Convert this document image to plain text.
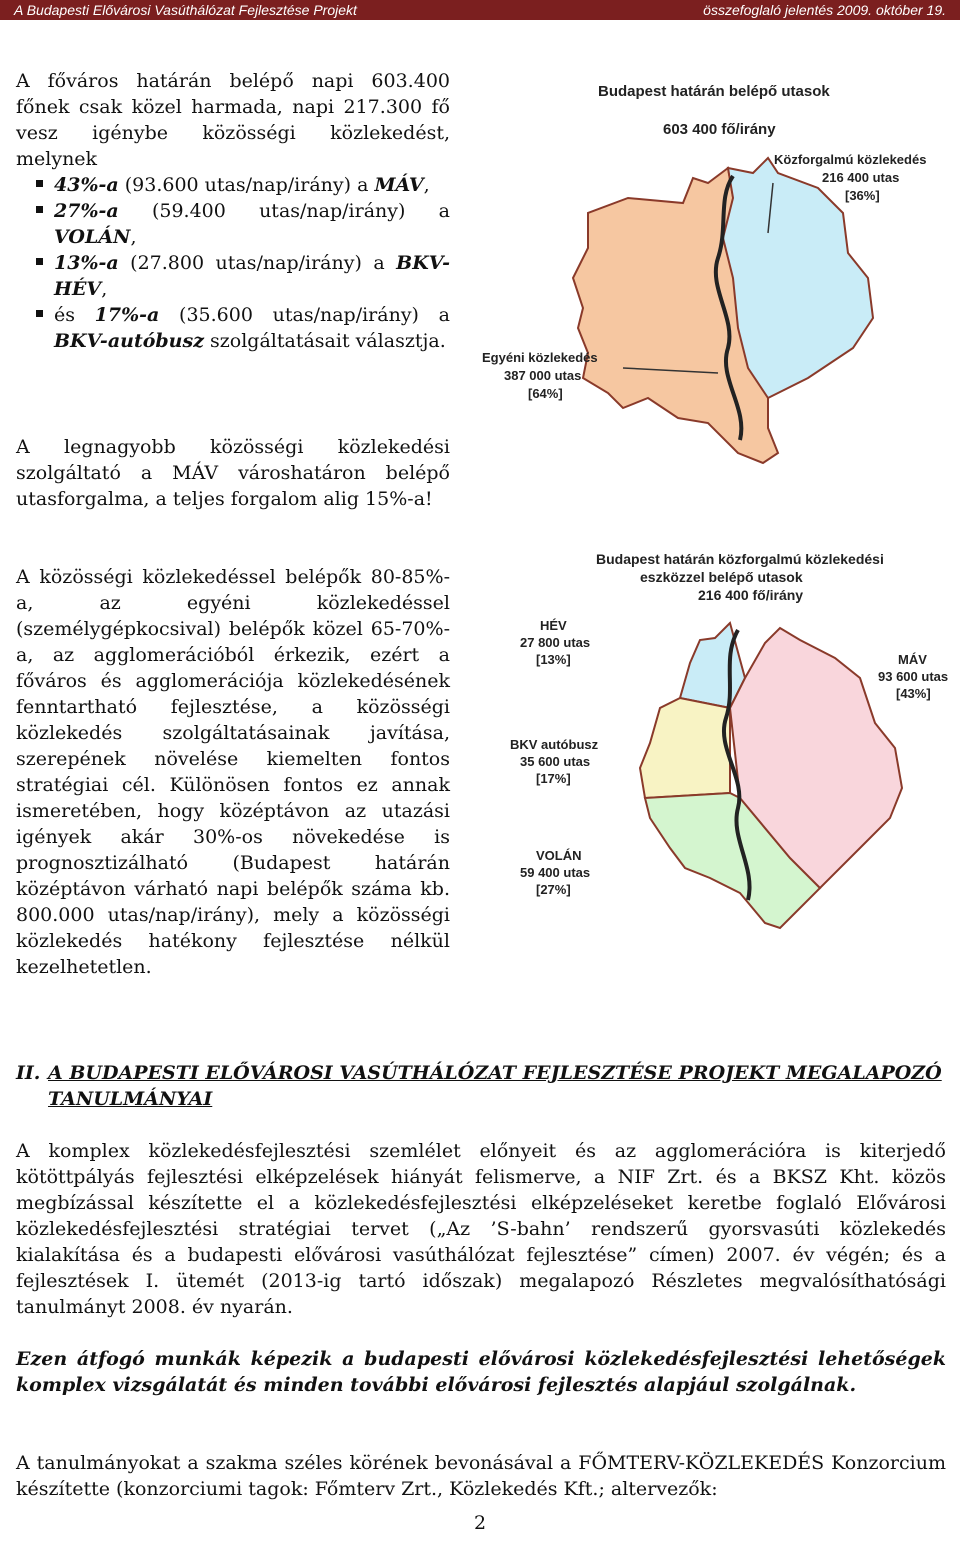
A Budapesti Elővárosi Vasúthálózat Fejlesztése Projekt	összefoglaló jelentés 2009. október 19.
A főváros határán belépő napi 603.400 főnek csak közel harmada, napi 217.300 fő vesz igénybe közösségi közlekedést, melynek
43%-a (93.600 utas/nap/irány) a MÁV,
27%-a (59.400 utas/nap/irány) a VOLÁN,
13%-a (27.800 utas/nap/irány) a BKV-HÉV,
és 17%-a (35.600 utas/nap/irány) a BKV-autóbusz szolgáltatásait választja.
A legnagyobb közösségi közlekedési szolgáltató a MÁV városhatáron belépő utasforgalma, a teljes forgalom alig 15%-a!
A közösségi közlekedéssel belépők 80-85%-a, az egyéni közlekedéssel (személygépkocsival) belépők közel 65-70%-a, az agglomerációból érkezik, ezért a főváros és agglomerációja közlekedésének fenntartható fejlesztése, a közösségi közlekedés szolgáltatásainak javítása, szerepének növelése kiemelten fontos stratégiai cél. Különösen fontos ez annak ismeretében, hogy középtávon az utazási igények akár 30%-os növekedése is prognosztizálható (Budapest határán középtávon várható napi belépők száma kb. 800.000 utas/nap/irány), mely a közösségi közlekedés hatékony fejlesztése nélkül kezelhetetlen.
Budapest határán belépő utasok
603 400 fő/irány
Közforgalmú közlekedés
216 400 utas
[36%]
Egyéni közlekedés
387 000 utas
[64%]
Budapest határán közforgalmú közlekedési
eszközzel belépő utasok
216 400 fő/irány
HÉV
27 800 utas
[13%]	MÁV
93 600 utas
[43%]
BKV autóbusz
35 600 utas
[17%]
VOLÁN
59 400 utas
[27%]
II. A BUDAPESTI ELŐVÁROSI VASÚTHÁLÓZAT FEJLESZTÉSE PROJEKT MEGALAPOZÓ TANULMÁNYAI
A komplex közlekedésfejlesztési szemlélet előnyeit és az agglomerációra is kiterjedő kötöttpályás fejlesztési elképzelések hiányát felismerve, a NIF Zrt. és a BKSZ Kht. közös megbízással készítette el a közlekedésfejlesztési elképzeléseket keretbe foglaló Elővárosi közlekedésfejlesztési stratégiai tervet („Az ’S-bahn’ rendszerű gyorsvasúti közlekedés kialakítása és a budapesti elővárosi vasúthálózat fejlesztése” címen) 2007. év végén; és a fejlesztések I. ütemét (2013-ig tartó időszak) megalapozó Részletes megvalósíthatósági tanulmányt 2008. év nyarán.
Ezen átfogó munkák képezik a budapesti elővárosi közlekedésfejlesztési lehetőségek komplex vizsgálatát és minden további elővárosi fejlesztés alapjául szolgálnak.
A tanulmányokat a szakma széles körének bevonásával a FŐMTERV-KÖZLEKEDÉS Konzorcium készítette (konzorciumi tagok: Főmterv Zrt., Közlekedés Kft.; altervezők:
2
